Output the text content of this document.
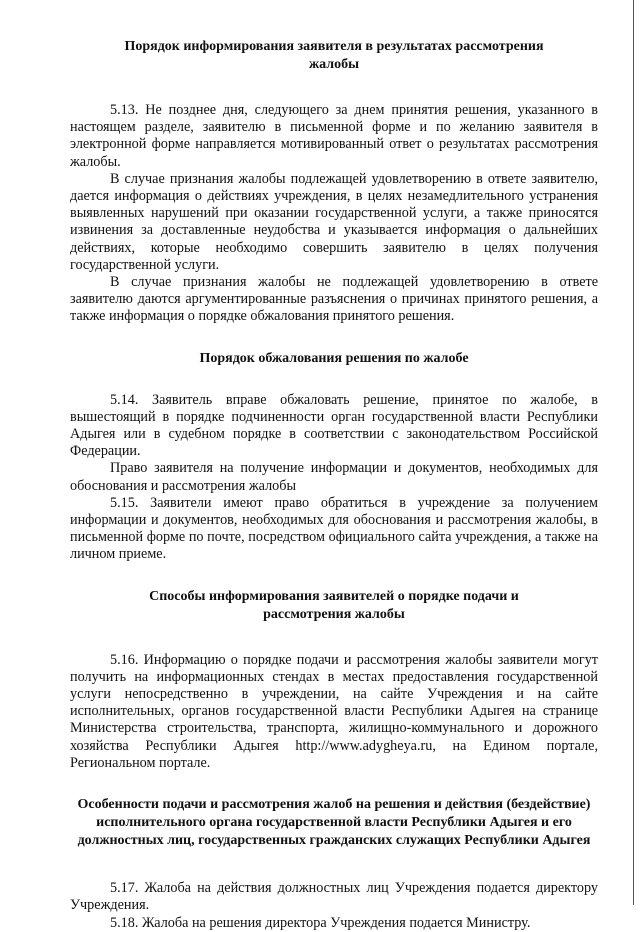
Порядок информирования заявителя в результатах рассмотрения жалобы

5.13. Не позднее дня, следующего за днем принятия решения, указанного в настоящем разделе, заявителю в письменной форме и по желанию заявителя в электронной форме направляется мотивированный ответ о результатах рассмотрения жалобы.

В случае признания жалобы подлежащей удовлетворению в ответе заявителю, дается информация о действиях учреждения, в целях незамедлительного устранения выявленных нарушений при оказании государственной услуги, а также приносятся извинения за доставленные неудобства и указывается информация о дальнейших действиях, которые необходимо совершить заявителю в целях получения государственной услуги.

В случае признания жалобы не подлежащей удовлетворению в ответе заявителю даются аргументированные разъяснения о причинах принятого решения, а также информация о порядке обжалования принятого решения.

Порядок обжалования решения по жалобе

5.14. Заявитель вправе обжаловать решение, принятое по жалобе, в вышестоящий в порядке подчиненности орган государственной власти Республики Адыгея или в судебном порядке в соответствии с законодательством Российской Федерации.

Право заявителя на получение информации и документов, необходимых для обоснования и рассмотрения жалобы

5.15. Заявители имеют право обратиться в учреждение за получением информации и документов, необходимых для обоснования и рассмотрения жалобы, в письменной форме по почте, посредством официального сайта учреждения, а также на личном приеме.

Способы информирования заявителей о порядке подачи и рассмотрения жалобы

5.16. Информацию о порядке подачи и рассмотрения жалобы заявители могут получить на информационных стендах в местах предоставления государственной услуги непосредственно в учреждении, на сайте Учреждения и на сайте исполнительных, органов государственной власти Республики Адыгея на странице Министерства строительства, транспорта, жилищно-коммунального и дорожного хозяйства Республики Адыгея http://www.adygheya.ru, на Едином портале, Региональном портале.

Особенности подачи и рассмотрения жалоб на решения и действия (бездействие) исполнительного органа государственной власти Республики Адыгея и его должностных лиц, государственных гражданских служащих Республики Адыгея

5.17. Жалоба на действия должностных лиц Учреждения подается директору Учреждения.

5.18. Жалоба на решения директора Учреждения подается Министру.
